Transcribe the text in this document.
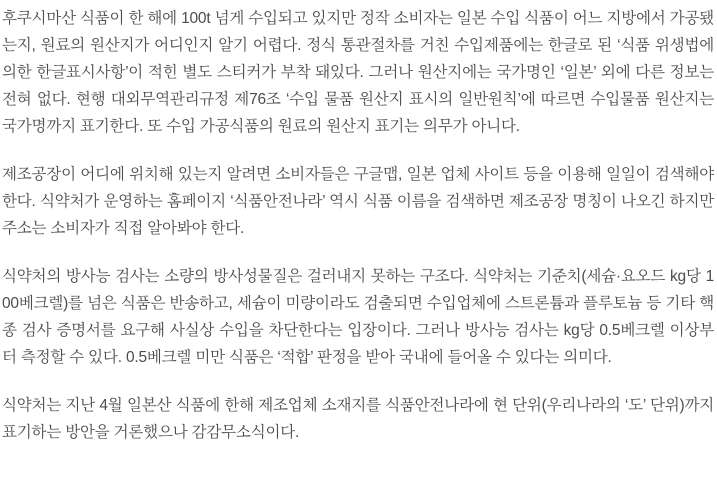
후쿠시마산 식품이 한 해에 100t 넘게 수입되고 있지만 정작 소비자는 일본 수입 식품이 어느 지방에서 가공됐는지, 원료의 원산지가 어디인지 알기 어렵다. 정식 통관절차를 거친 수입제품에는 한글로 된 ‘식품 위생법에 의한 한글표시사항’이 적힌 별도 스티커가 부착 돼있다. 그러나 원산지에는 국가명인 ‘일본’ 외에 다른 정보는 전혀 없다. 현행 대외무역관리규정 제76조 ‘수입 물품 원산지 표시의 일반원칙’에 따르면 수입물품 원산지는 국가명까지 표기한다. 또 수입 가공식품의 원료의 원산지 표기는 의무가 아니다.

제조공장이 어디에 위치해 있는지 알려면 소비자들은 구글맵, 일본 업체 사이트 등을 이용해 일일이 검색해야 한다. 식약처가 운영하는 홈페이지 ‘식품안전나라’ 역시 식품 이름을 검색하면 제조공장 명칭이 나오긴 하지만 주소는 소비자가 직접 알아봐야 한다.

식약처의 방사능 검사는 소량의 방사성물질은 걸러내지 못하는 구조다. 식약처는 기준치(세슘·요오드 kg당 100베크렐)를 넘은 식품은 반송하고, 세슘이 미량이라도 검출되면 수입업체에 스트론튬과 플루토늄 등 기타 핵종 검사 증명서를 요구해 사실상 수입을 차단한다는 입장이다. 그러나 방사능 검사는 kg당 0.5베크렐 이상부터 측정할 수 있다. 0.5베크렐 미만 식품은 ‘적합’ 판정을 받아 국내에 들어올 수 있다는 의미다.

식약처는 지난 4월 일본산 식품에 한해 제조업체 소재지를 식품안전나라에 현 단위(우리나라의 ‘도’ 단위)까지 표기하는 방안을 거론했으나 감감무소식이다.
